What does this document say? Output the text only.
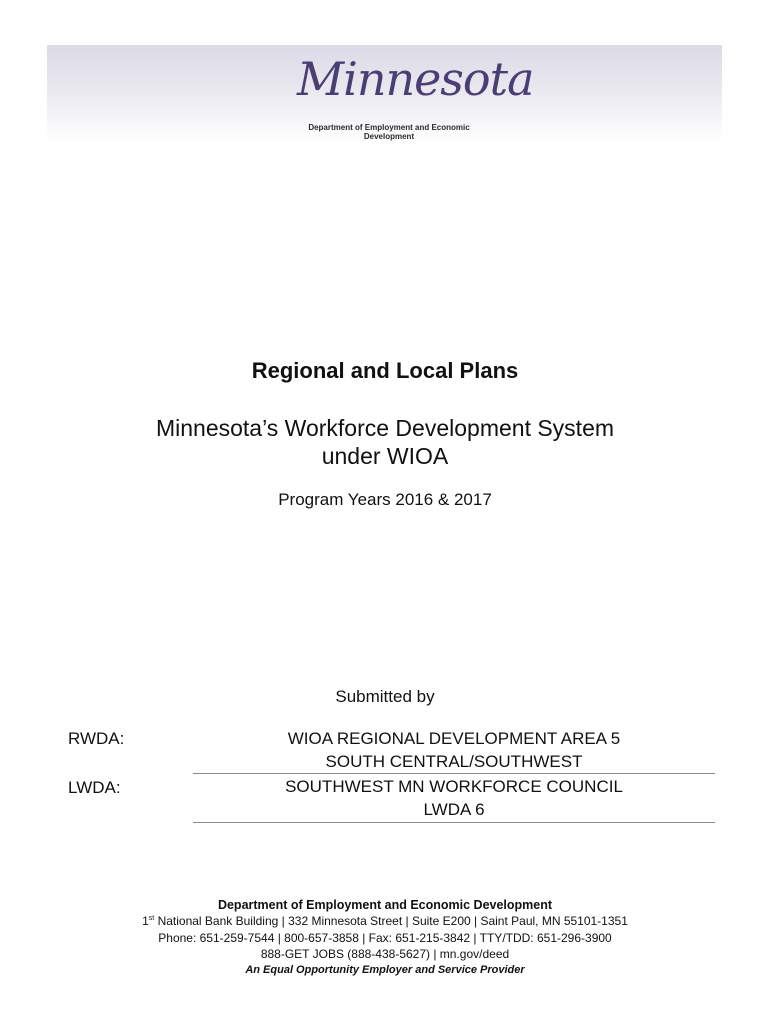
Minnesota
Department of Employment and Economic Development
Regional and Local Plans
Minnesota’s Workforce Development System
under WIOA
Program Years 2016 & 2017
Submitted by
RWDA:	WIOA REGIONAL DEVELOPMENT AREA 5
SOUTH CENTRAL/SOUTHWEST
LWDA:	SOUTHWEST MN WORKFORCE COUNCIL
LWDA 6
Department of Employment and Economic Development
1st National Bank Building | 332 Minnesota Street | Suite E200 | Saint Paul, MN 55101-1351
Phone: 651-259-7544 | 800-657-3858 | Fax: 651-215-3842 | TTY/TDD: 651-296-3900
888-GET JOBS (888-438-5627) | mn.gov/deed
An Equal Opportunity Employer and Service Provider
